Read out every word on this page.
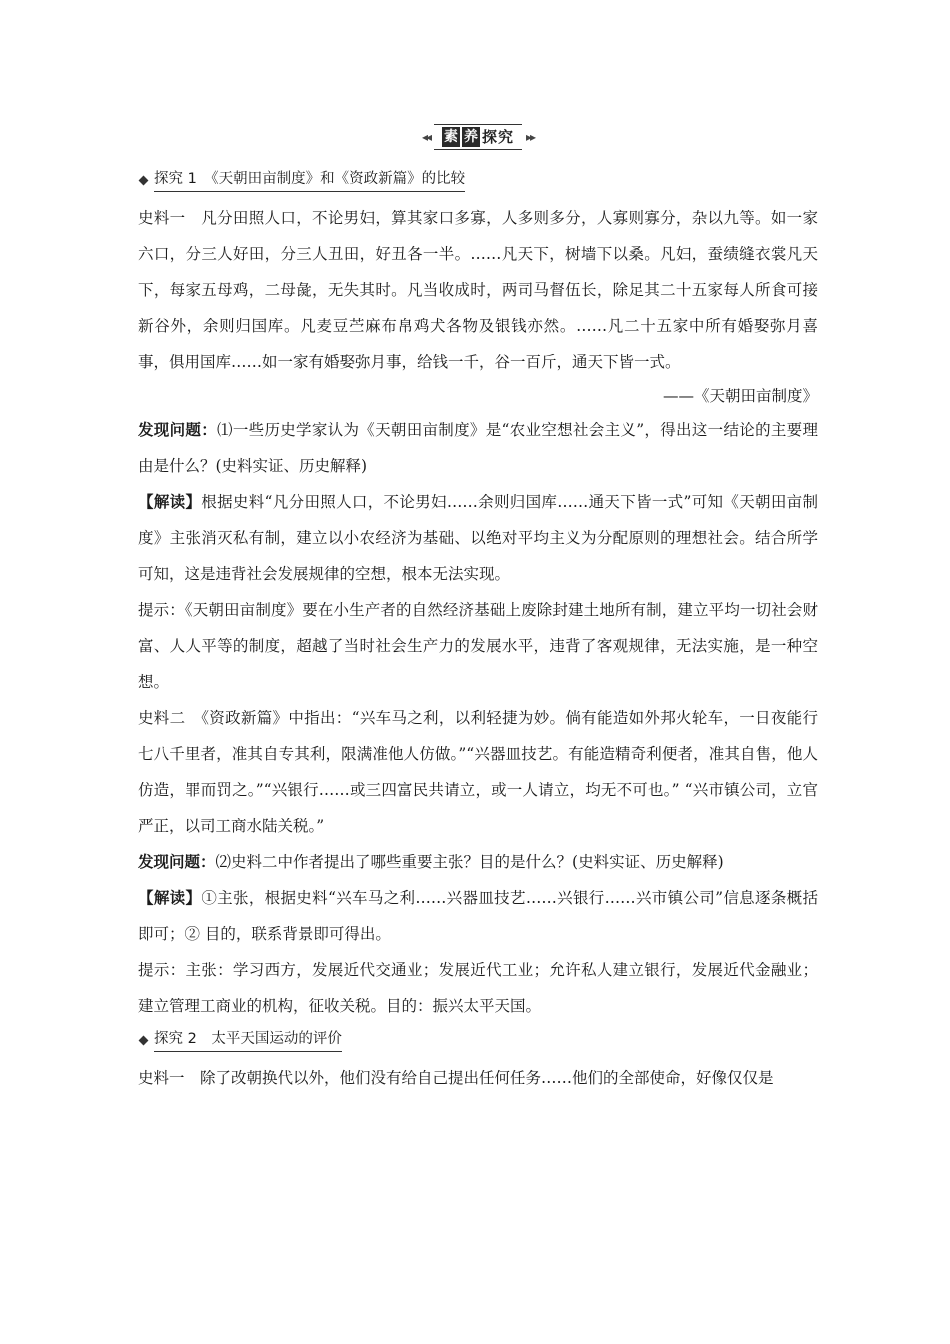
◂◂ 素 养 探究 ▸▸
探究 1　《天朝田亩制度》和《资政新篇》的比较

史料一　凡分田照人口，不论男妇，算其家口多寡，人多则多分，人寡则寡分，杂以九等。如一家六口，分三人好田，分三人丑田，好丑各一半。……凡天下，树墙下以桑。凡妇，蚕绩缝衣裳凡天下，每家五母鸡，二母彘，无失其时。凡当收成时，两司马督伍长，除足其二十五家每人所食可接新谷外，余则归国库。凡麦豆苎麻布帛鸡犬各物及银钱亦然。……凡二十五家中所有婚娶弥月喜事，俱用国库……如一家有婚娶弥月事，给钱一千，谷一百斤，通天下皆一式。

——《天朝田亩制度》

发现问题：⑴一些历史学家认为《天朝田亩制度》是“农业空想社会主义”，得出这一结论的主要理由是什么？(史料实证、历史解释)

【解读】根据史料“凡分田照人口，不论男妇……余则归国库……通天下皆一式”可知《天朝田亩制度》主张消灭私有制，建立以小农经济为基础、以绝对平均主义为分配原则的理想社会。结合所学可知，这是违背社会发展规律的空想，根本无法实现。

提示：《天朝田亩制度》要在小生产者的自然经济基础上废除封建土地所有制，建立平均一切社会财富、人人平等的制度，超越了当时社会生产力的发展水平，违背了客观规律，无法实施，是一种空想。

史料二　《资政新篇》中指出：“兴车马之利，以利轻捷为妙。倘有能造如外邦火轮车，一日夜能行七八千里者，准其自专其利，限满准他人仿做。”“兴器皿技艺。有能造精奇利便者，准其自售，他人仿造，罪而罚之。”“兴银行……或三四富民共请立，或一人请立，均无不可也。” “兴市镇公司，立官严正，以司工商水陆关税。”

发现问题：⑵史料二中作者提出了哪些重要主张？目的是什么？(史料实证、历史解释)

【解读】①主张，根据史料“兴车马之利……兴器皿技艺……兴银行……兴市镇公司”信息逐条概括即可；② 目的，联系背景即可得出。

提示：主张：学习西方，发展近代交通业；发展近代工业；允许私人建立银行，发展近代金融业；建立管理工商业的机构，征收关税。目的：振兴太平天国。

探究 2　太平天国运动的评价

史料一　除了改朝换代以外，他们没有给自己提出任何任务……他们的全部使命，好像仅仅是
